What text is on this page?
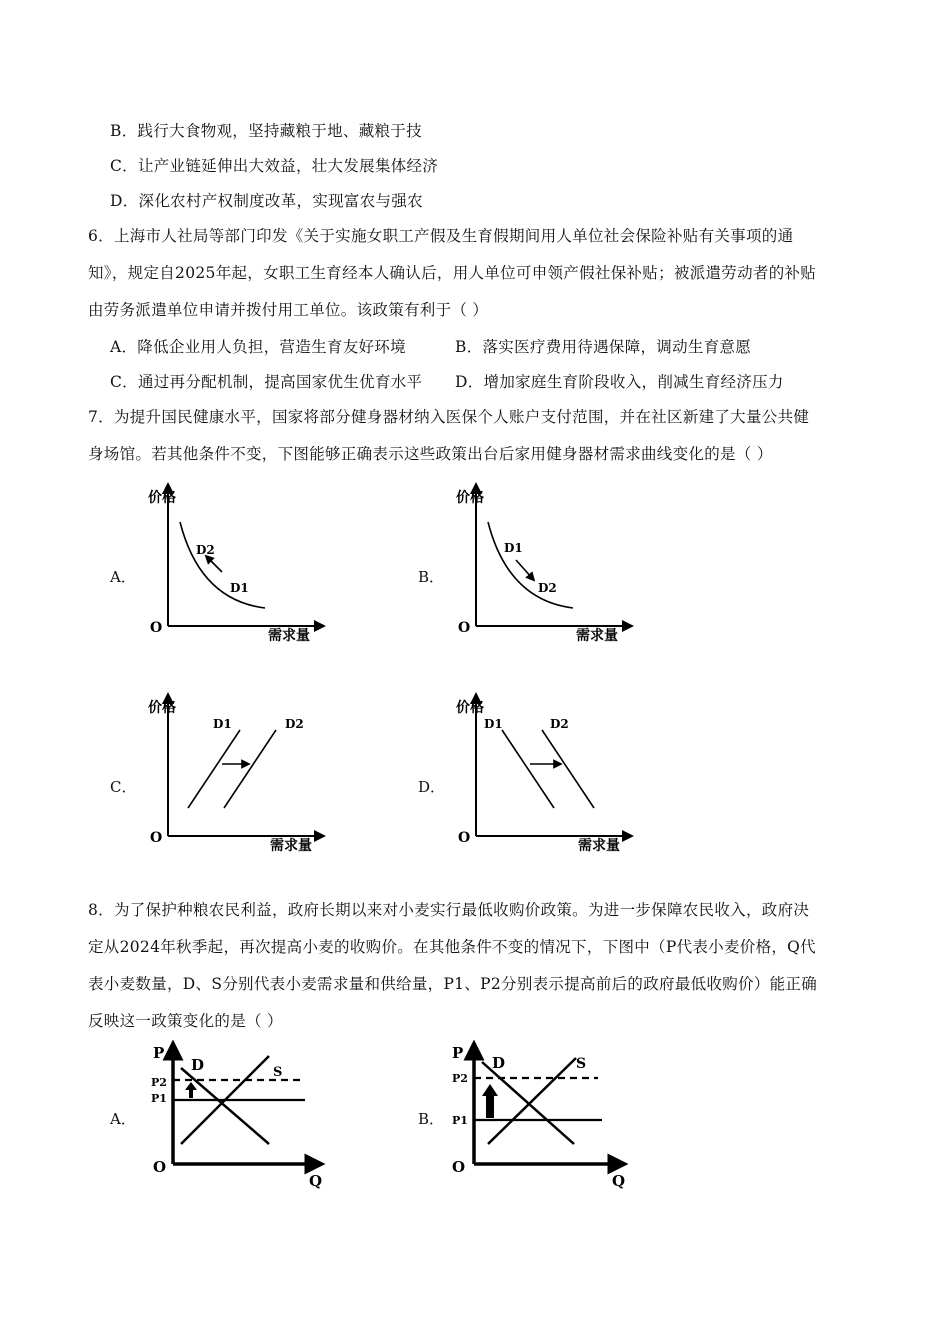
B．践行大食物观，坚持藏粮于地、藏粮于技
C．让产业链延伸出大效益，壮大发展集体经济
D．深化农村产权制度改革，实现富农与强农
6．上海市人社局等部门印发《关于实施女职工产假及生育假期间用人单位社会保险补贴有关事项的通
知》，规定自2025年起，女职工生育经本人确认后，用人单位可申领产假社保补贴；被派遣劳动者的补贴
由劳务派遣单位申请并拨付用工单位。该政策有利于（ ）
A．降低企业用人负担，营造生育友好环境	B．落实医疗费用待遇保障，调动生育意愿
C．通过再分配机制，提高国家优生优育水平 D．增加家庭生育阶段收入，削减生育经济压力
7．为提升国民健康水平，国家将部分健身器材纳入医保个人账户支付范围，并在社区新建了大量公共健
身场馆。若其他条件不变，下图能够正确表示这些政策出台后家用健身器材需求曲线变化的是（ ）
A．	B．
C．	D．
价格
O	需求量
D2
D1
价格
O	需求量
D1
D2
价格
O	需求量
D1	D2
价格
O	需求量
D1	D2
8．为了保护种粮农民利益，政府长期以来对小麦实行最低收购价政策。为进一步保障农民收入，政府决
定从2024年秋季起，再次提高小麦的收购价。在其他条件不变的情况下，下图中（P代表小麦价格，Q代
表小麦数量，D、S分别代表小麦需求量和供给量，P1、P2分别表示提高前后的政府最低收购价）能正确
反映这一政策变化的是（ ）
A．	B．
P
O
Q
D	S
P2
P1
P
O
Q
D	S
P2
P1
